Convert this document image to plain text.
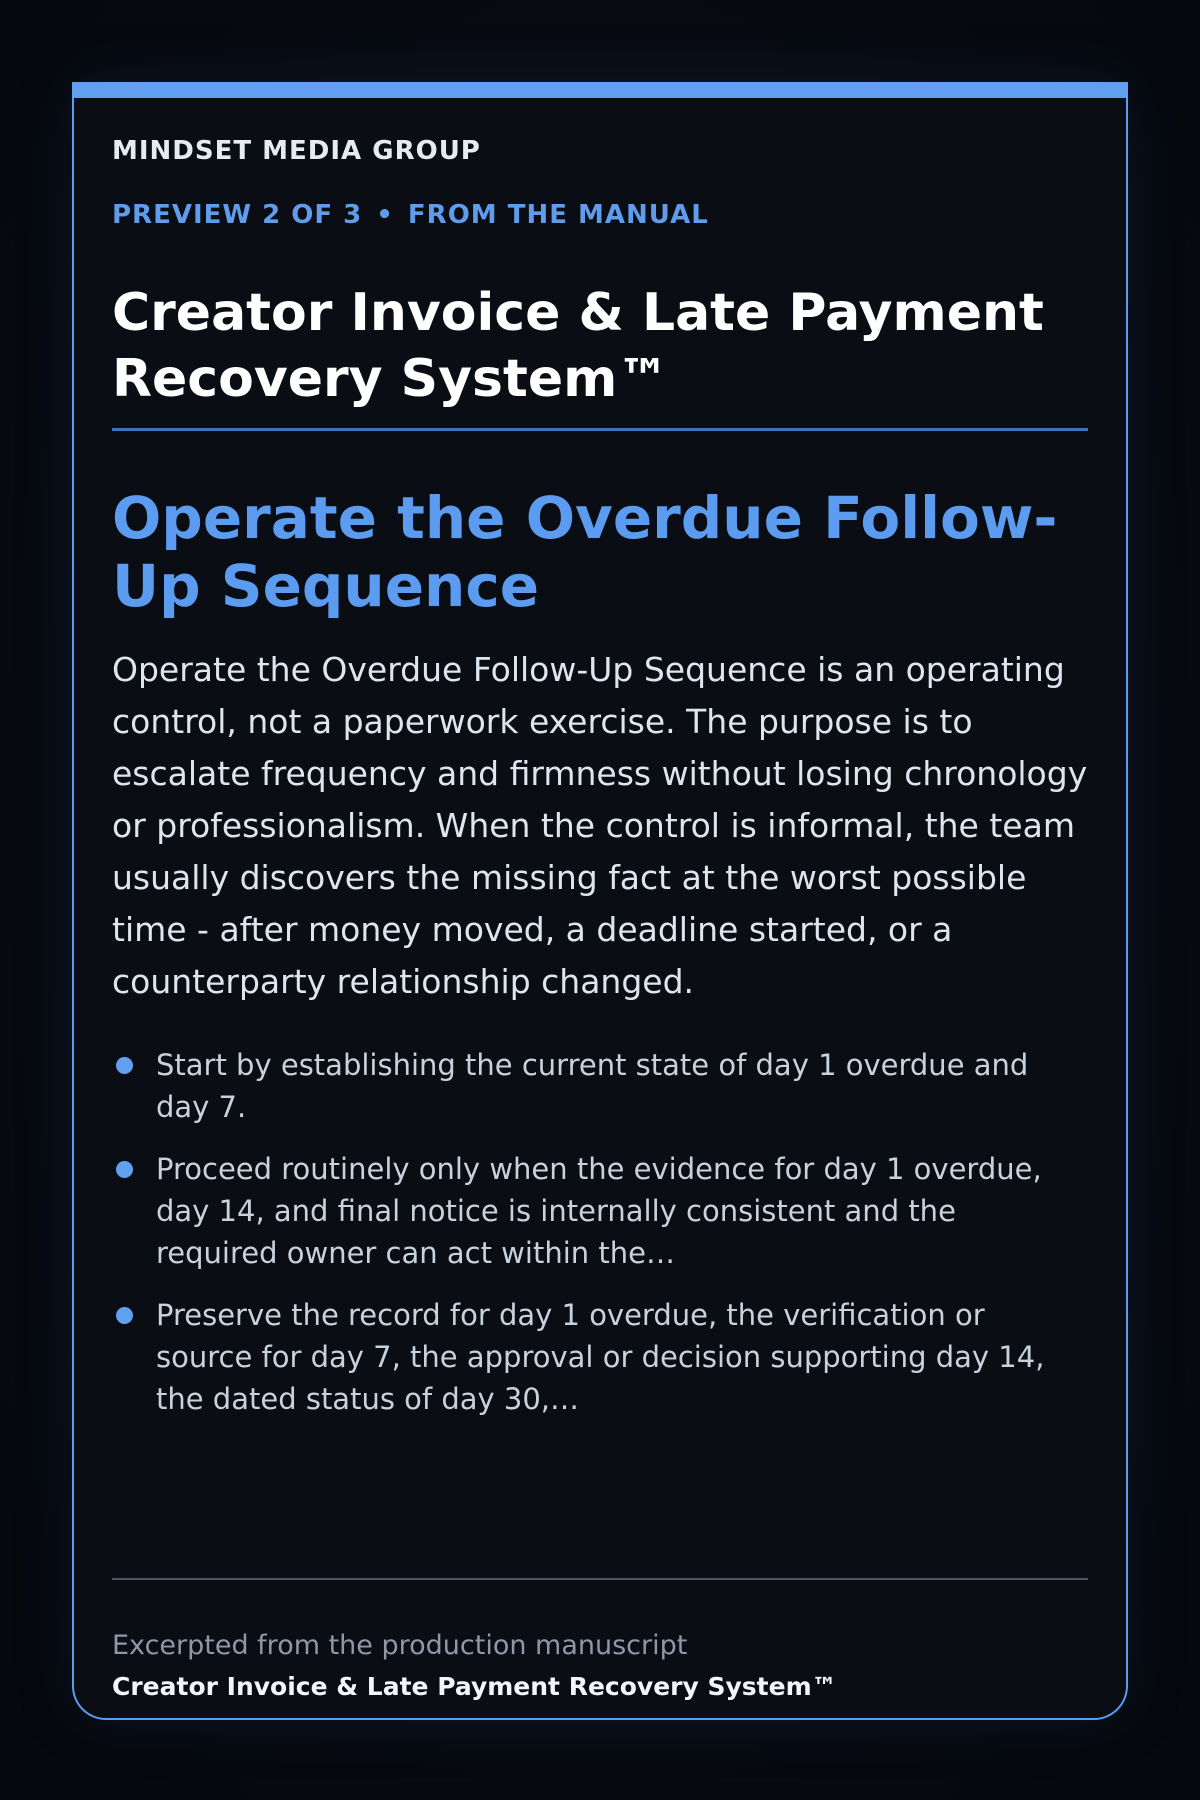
MINDSET MEDIA GROUP
PREVIEW 2 OF 3 • FROM THE MANUAL
Creator Invoice & Late Payment Recovery System™
Operate the Overdue Follow-Up Sequence

Operate the Overdue Follow-Up Sequence is an operating control, not a paperwork exercise. The purpose is to escalate frequency and firmness without losing chronology or professionalism. When the control is informal, the team usually discovers the missing fact at the worst possible time - after money moved, a deadline started, or a counterparty relationship changed.

Start by establishing the current state of day 1 overdue and day 7.
Proceed routinely only when the evidence for day 1 overdue, day 14, and final notice is internally consistent and the required owner can act within the…
Preserve the record for day 1 overdue, the verification or source for day 7, the approval or decision supporting day 14, the dated status of day 30,…
Excerpted from the production manuscript
Creator Invoice & Late Payment Recovery System™
